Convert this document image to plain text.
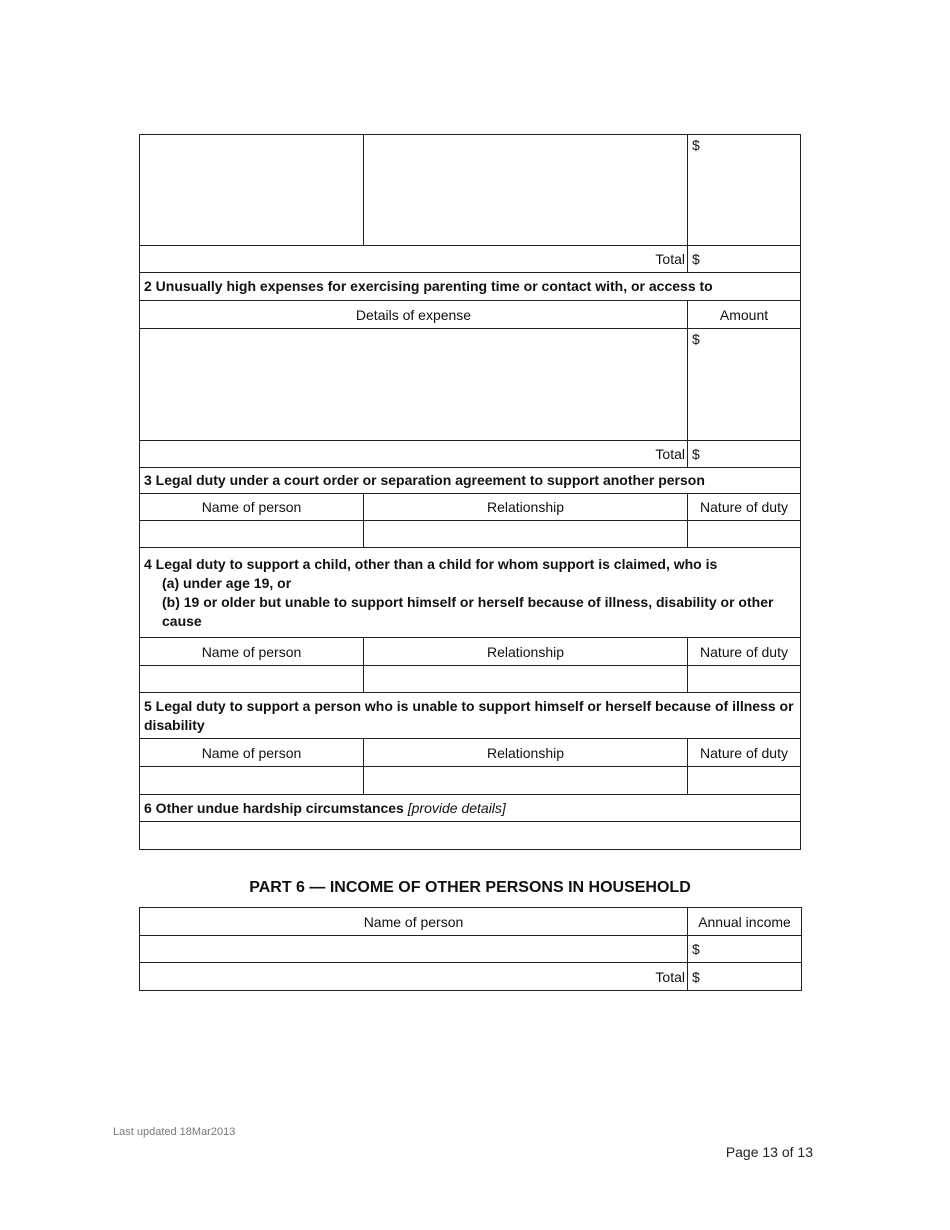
		$
Total		$
2 Unusually high expenses for exercising parenting time or contact with, or access to		
Details of expense		Amount
		$
Total		$
3 Legal duty under a court order or separation agreement to support another person		
Name of person	Relationship	Nature of duty

4 Legal duty to support a child, other than a child for whom support is claimed, who is
(a) under age 19, or
(b) 19 or older but unable to support himself or herself because of illness, disability or other cause		

Name of person	Relationship	Nature of duty

5 Legal duty to support a person who is unable to support himself or herself because of illness or disability		
Name of person	Relationship	Nature of duty

6 Other undue hardship circumstances [provide details]		

PART 6 — INCOME OF OTHER PERSONS IN HOUSEHOLD
Name of person	Annual income
	$
Total	$
Last updated 18Mar2013
Page 13 of 13
